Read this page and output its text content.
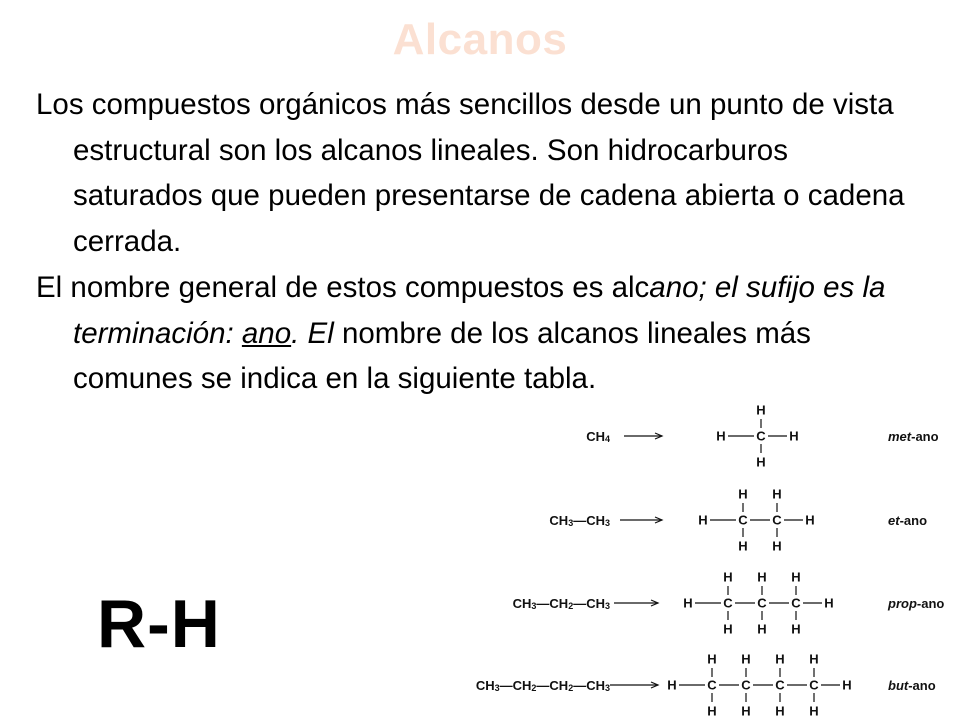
Alcanos

Los compuestos orgánicos más sencillos desde un punto de vista estructural son los alcanos lineales. Son hidrocarburos saturados que pueden presentarse de cadena abierta o cadena cerrada.

El nombre general de estos compuestos es alcano; el sufijo es la terminación: ano. El nombre de los alcanos lineales más comunes se indica en la siguiente tabla.

R-H
$CH_4$	H C
H
H
H	met-ano
$CH_3—CH_3$	H C
H
H
C
H
H
H	et-ano
$CH_3—CH_2—CH_3$	H C
H
H
C
H
H
C
H
H
H	prop-ano
$CH_3—CH_2—CH_2—CH_3$	H C
H
H
C
H
H
C
H
H
C
H
H
H	but-ano
